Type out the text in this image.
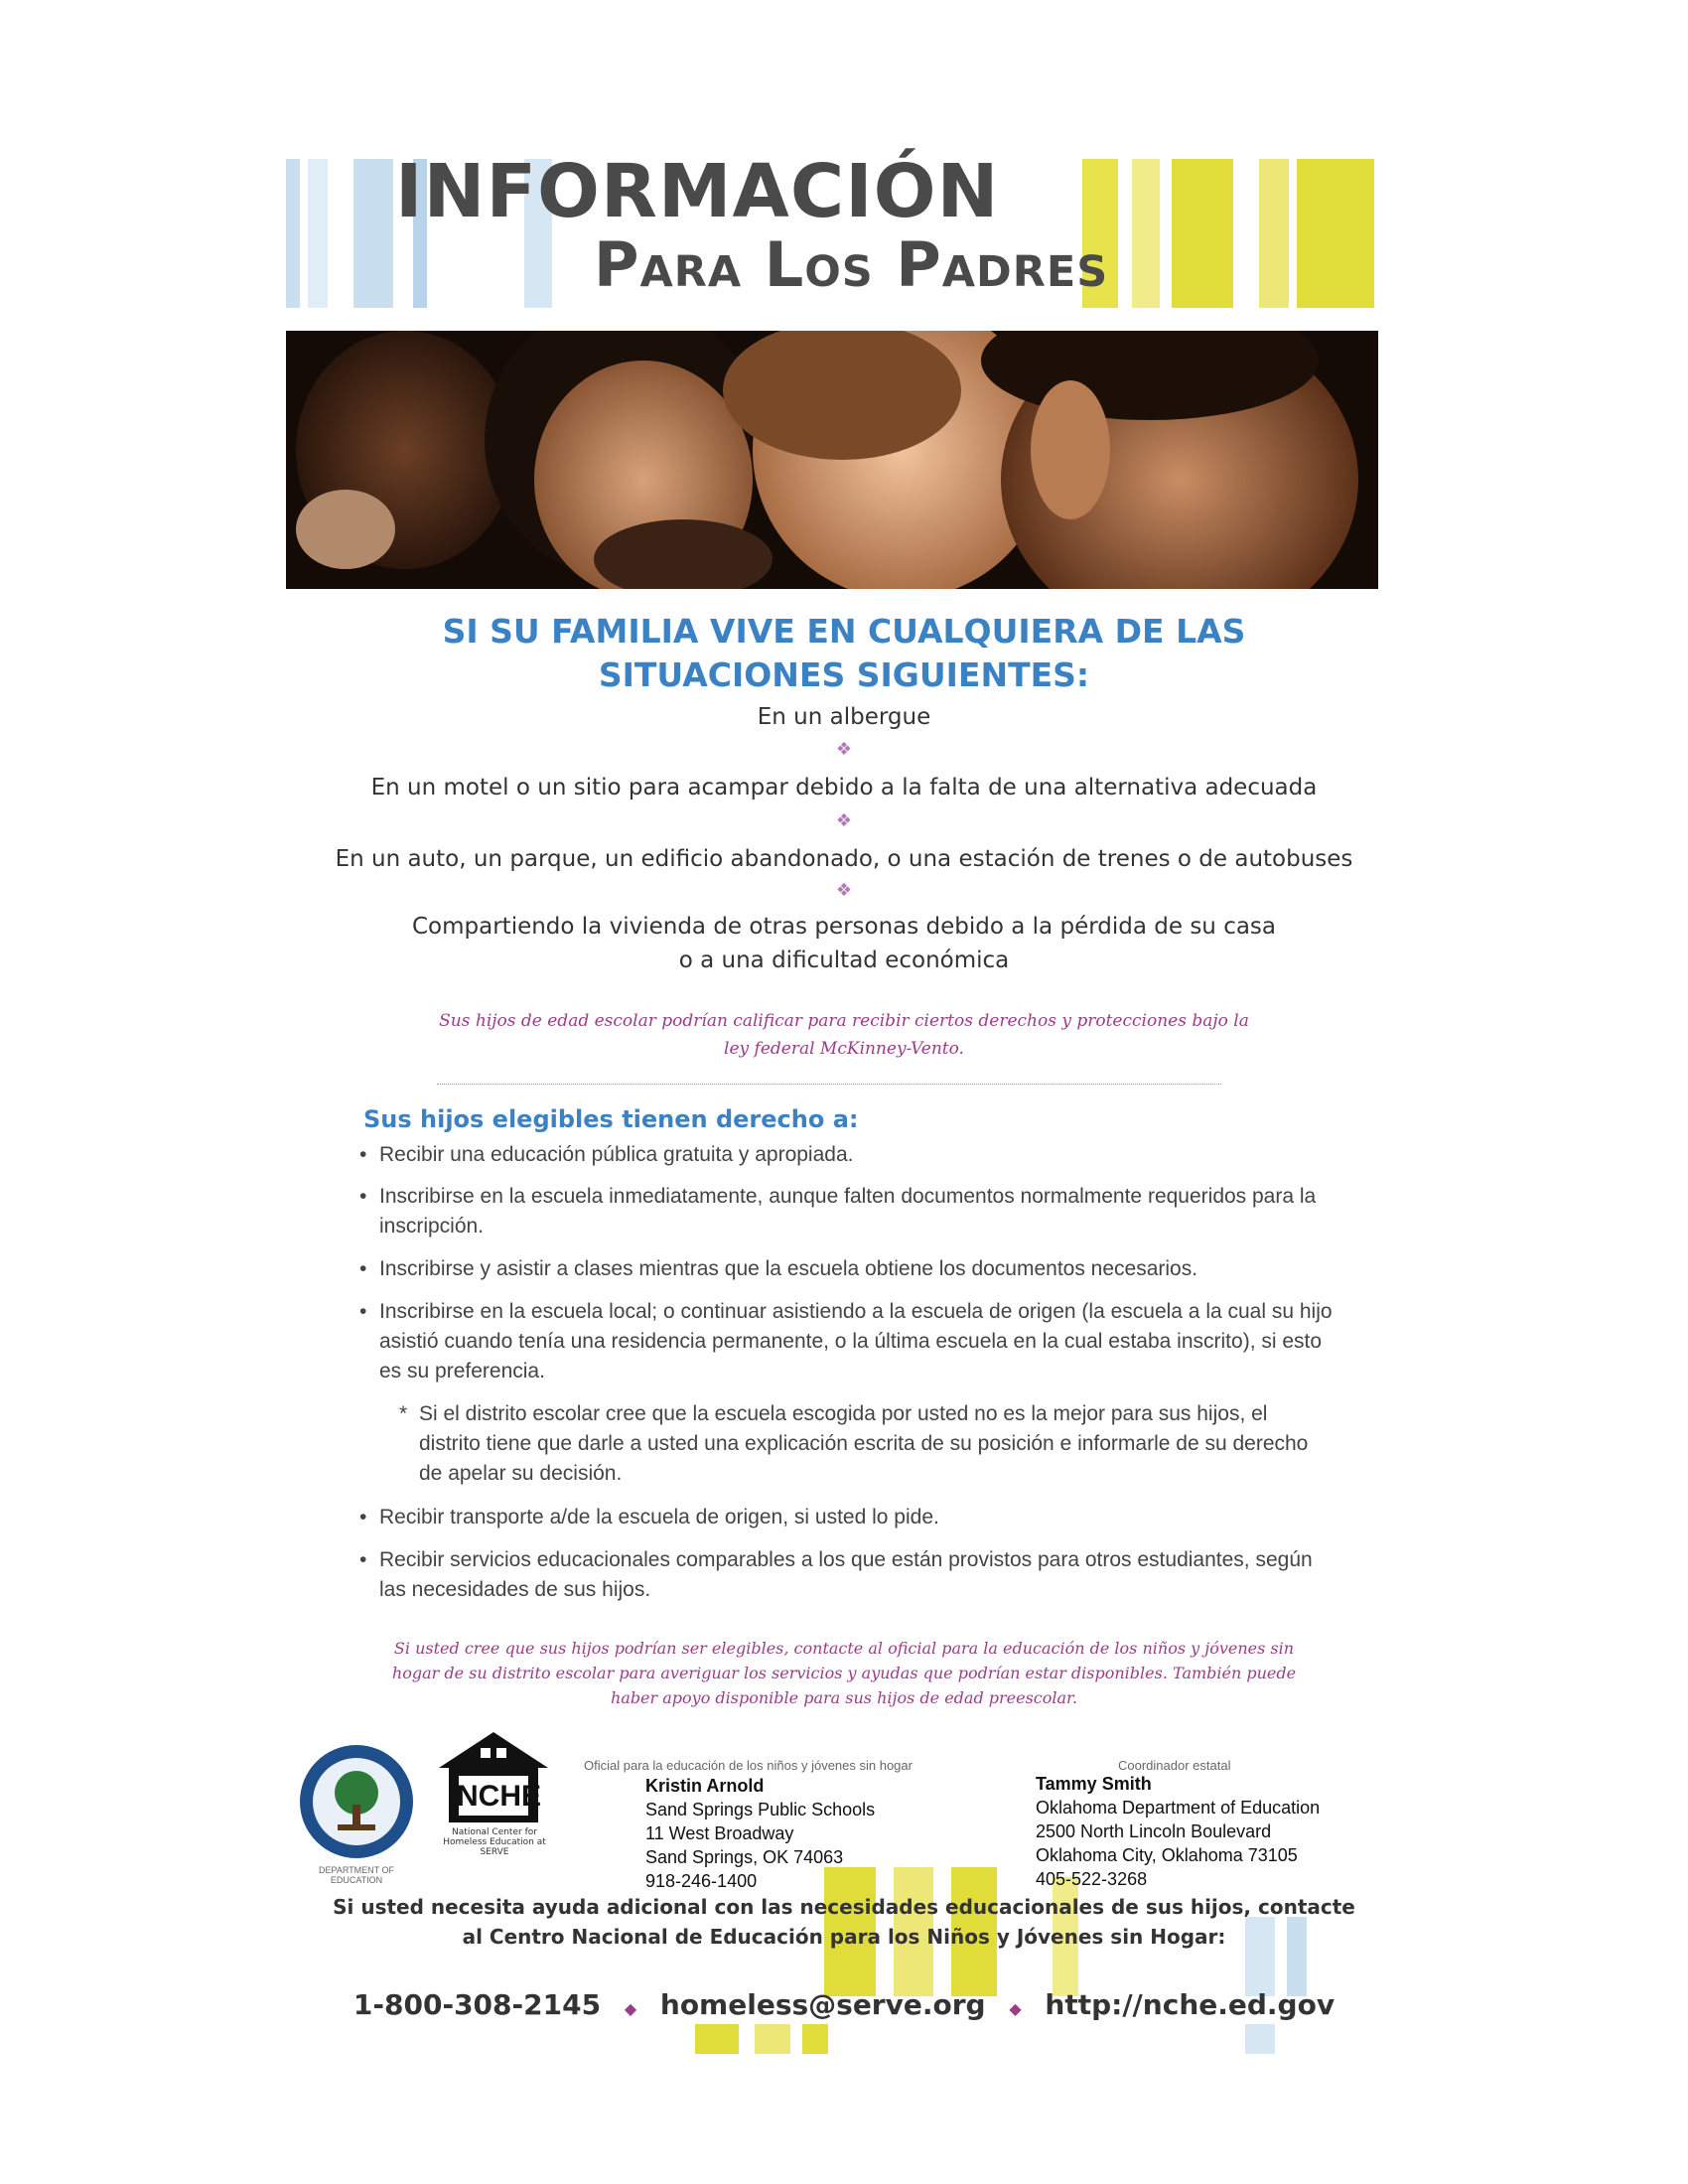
INFORMACIÓN
Para Los Padres
SI SU FAMILIA VIVE EN CUALQUIERA DE LAS
SITUACIONES SIGUIENTES:
En un albergue
❖
En un motel o un sitio para acampar debido a la falta de una alternativa adecuada
❖
En un auto, un parque, un edificio abandonado, o una estación de trenes o de autobuses
❖
Compartiendo la vivienda de otras personas debido a la pérdida de su casa
o a una dificultad económica
Sus hijos de edad escolar podrían calificar para recibir ciertos derechos y protecciones bajo la
ley federal McKinney-Vento.
Sus hijos elegibles tienen derecho a:
• Recibir una educación pública gratuita y apropiada.
• Inscribirse en la escuela inmediatamente, aunque falten documentos normalmente requeridos para la inscripción.
• Inscribirse y asistir a clases mientras que la escuela obtiene los documentos necesarios.
• Inscribirse en la escuela local; o continuar asistiendo a la escuela de origen (la escuela a la cual su hijo asistió cuando tenía una residencia permanente, o la última escuela en la cual estaba inscrito), si esto es su preferencia.
* Si el distrito escolar cree que la escuela escogida por usted no es la mejor para sus hijos, el distrito tiene que darle a usted una explicación escrita de su posición e informarle de su derecho de apelar su decisión.
• Recibir transporte a/de la escuela de origen, si usted lo pide.
• Recibir servicios educacionales comparables a los que están provistos para otros estudiantes, según las necesidades de sus hijos.
Si usted cree que sus hijos podrían ser elegibles, contacte al oficial para la educación de los niños y jóvenes sin
hogar de su distrito escolar para averiguar los servicios y ayudas que podrían estar disponibles. También puede
haber apoyo disponible para sus hijos de edad preescolar.
DEPARTMENT OF EDUCATION
NCHE
National Center for Homeless Education at SERVE
Oficial para la educación de los niños y jóvenes sin hogar
Kristin Arnold
Sand Springs Public Schools
11 West Broadway
Sand Springs, OK 74063
918-246-1400
Coordinador estatal
Tammy Smith
Oklahoma Department of Education
2500 North Lincoln Boulevard
Oklahoma City, Oklahoma 73105
405-522-3268
Si usted necesita ayuda adicional con las necesidades educacionales de sus hijos, contacte
al Centro Nacional de Educación para los Niños y Jóvenes sin Hogar:
1-800-308-2145 ◆ homeless@serve.org ◆ http://nche.ed.gov
